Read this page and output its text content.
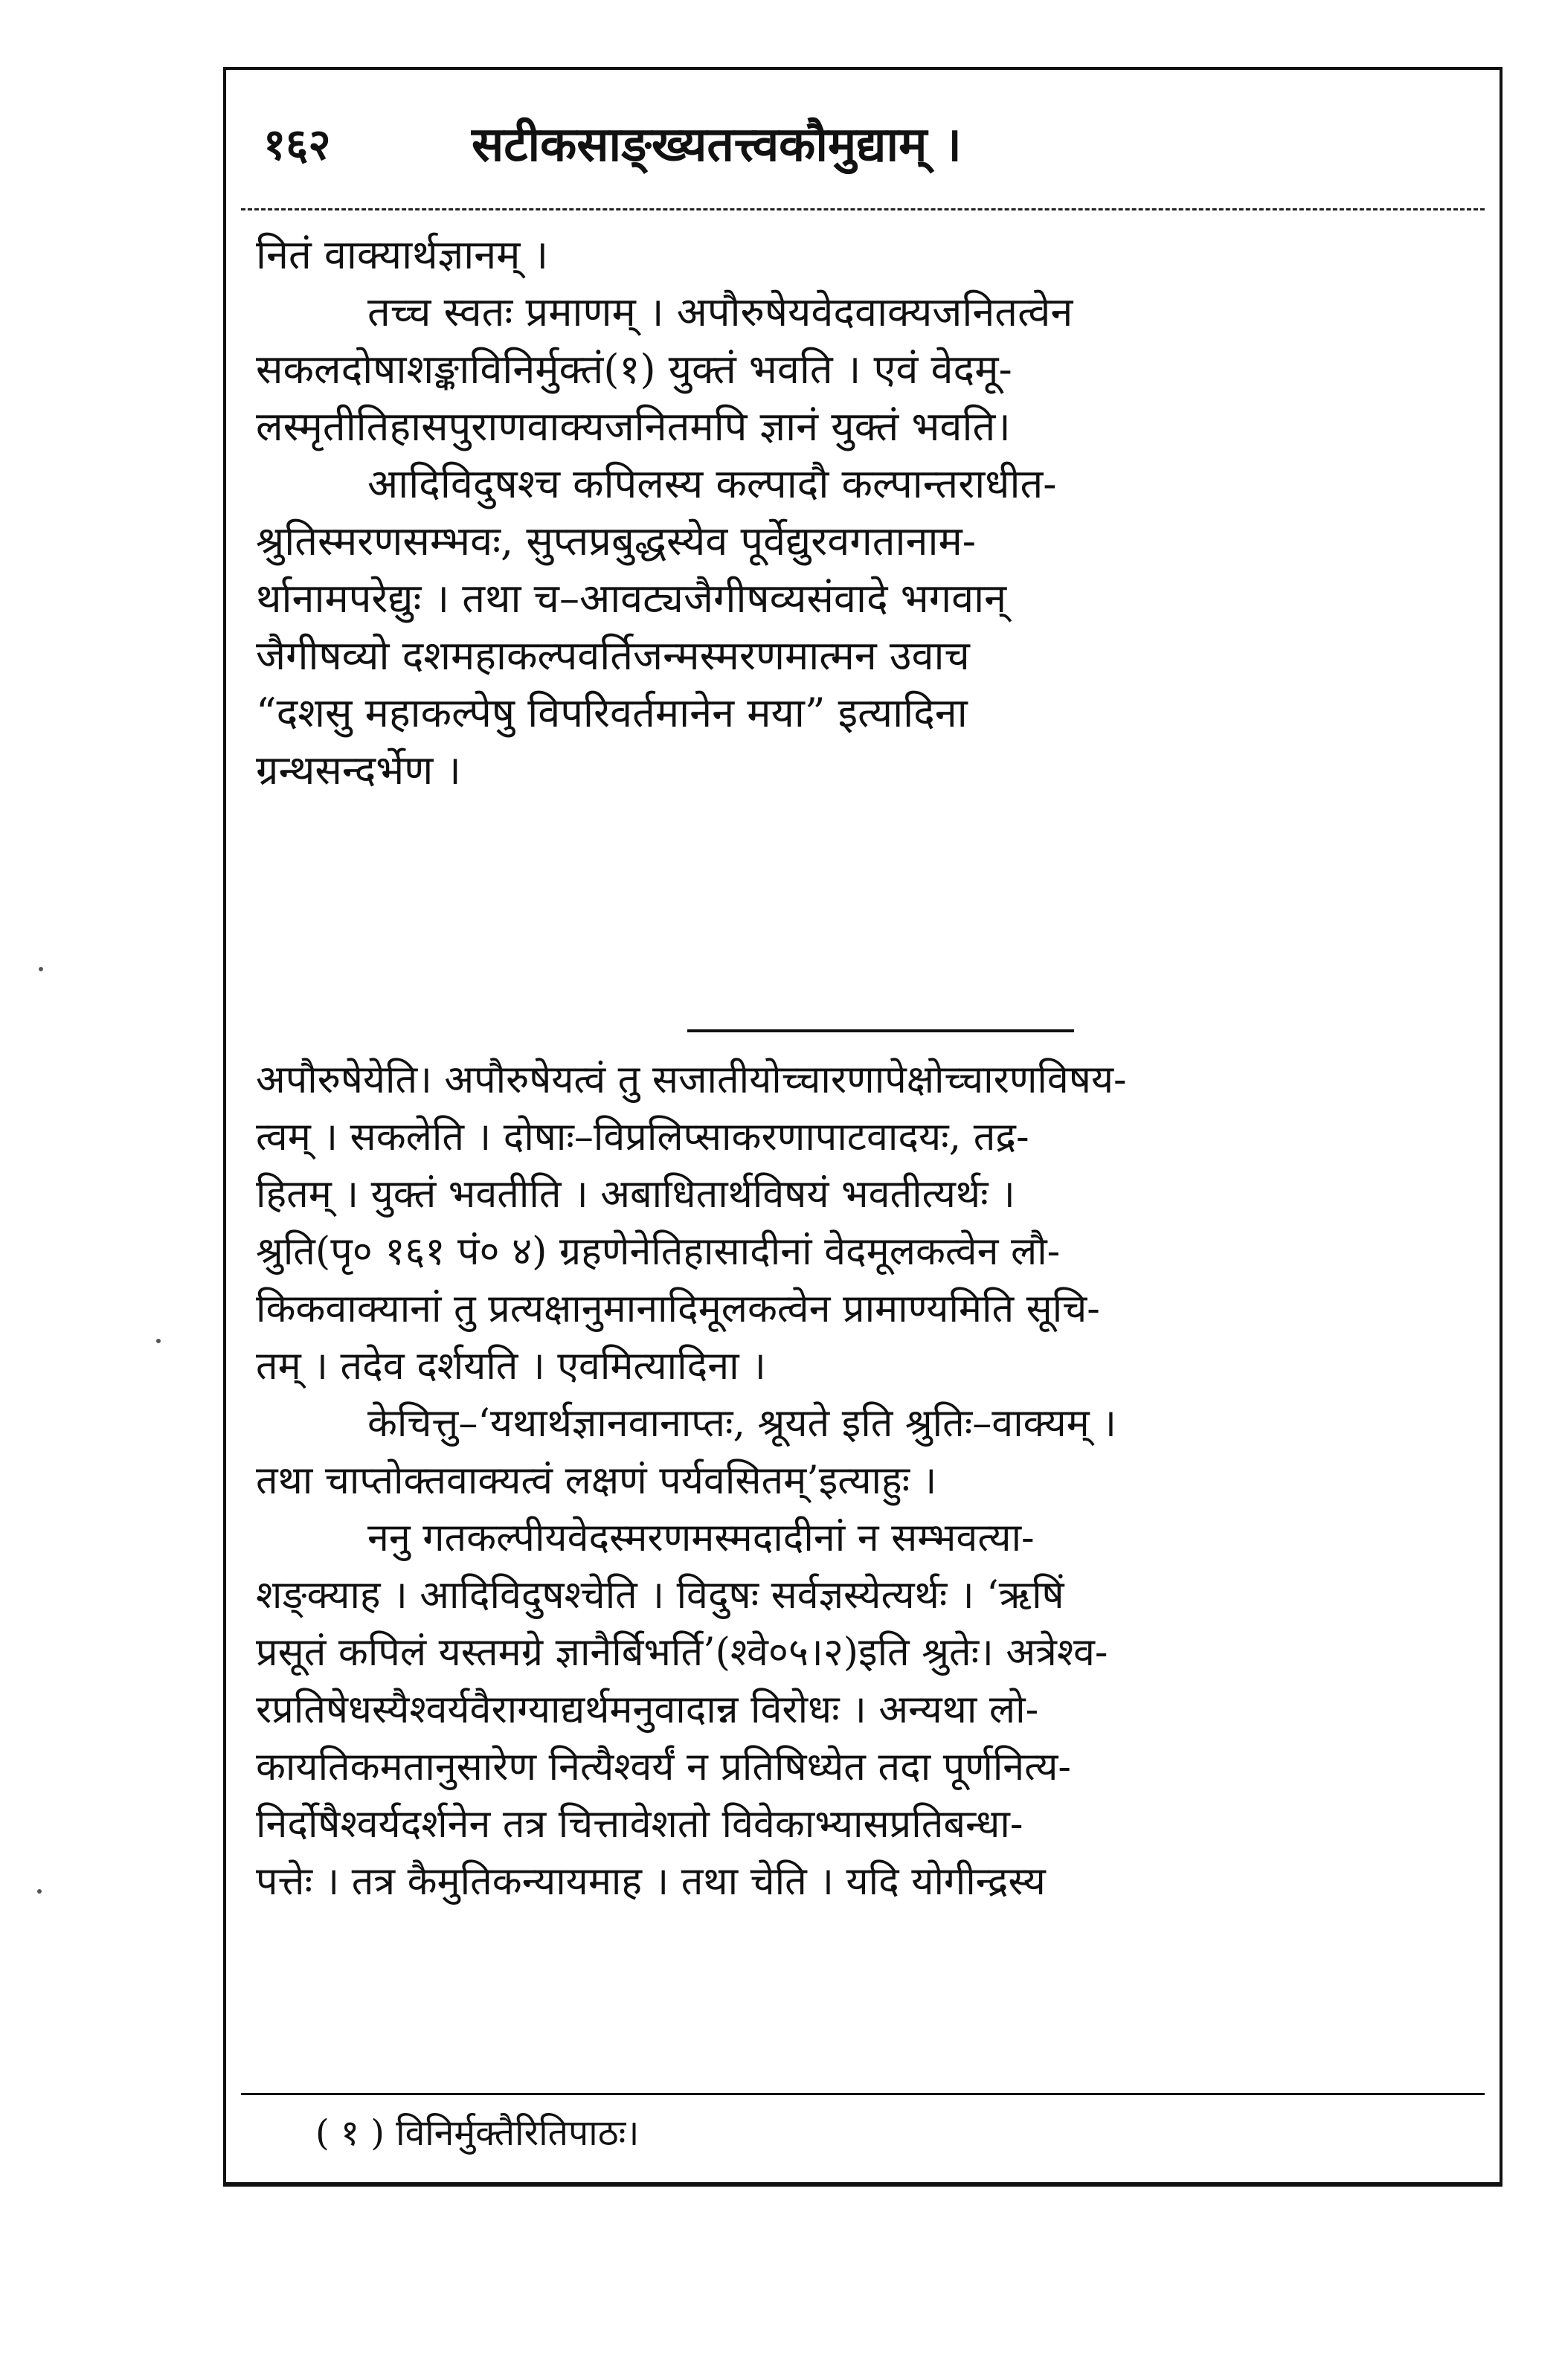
१६२	सटीकसाङ्ख्यतत्त्वकौमुद्याम् ।
नितं वाक्यार्थज्ञानम् ।
तच्च स्वतः प्रमाणम् । अपौरुषेयवेदवाक्यजनितत्वेन
सकलदोषाशङ्काविनिर्मुक्तं(१) युक्तं भवति । एवं वेदमू-
लस्मृतीतिहासपुराणवाक्यजनितमपि ज्ञानं युक्तं भवति।
आदिविदुषश्च कपिलस्य कल्पादौ कल्पान्तराधीत-
श्रुतिस्मरणसम्भवः, सुप्तप्रबुद्धस्येव पूर्वेद्युरवगतानाम-
र्थानामपरेद्युः । तथा च–आवट्यजैगीषव्यसंवादे भगवान्
जैगीषव्यो दशमहाकल्पवर्तिजन्मस्मरणमात्मन उवाच
“दशसु महाकल्पेषु विपरिवर्तमानेन मया” इत्यादिना
ग्रन्थसन्दर्भेण ।
अपौरुषेयेति। अपौरुषेयत्वं तु सजातीयोच्चारणापेक्षोच्चारणविषय-
त्वम् । सकलेति । दोषाः–विप्रलिप्साकरणापाटवादयः, तद्र-
हितम् । युक्तं भवतीति । अबाधितार्थविषयं भवतीत्यर्थः ।
श्रुति(पृ० १६१ पं० ४) ग्रहणेनेतिहासादीनां वेदमूलकत्वेन लौ-
किकवाक्यानां तु प्रत्यक्षानुमानादिमूलकत्वेन प्रामाण्यमिति सूचि-
तम् । तदेव दर्शयति । एवमित्यादिना ।
केचित्तु–‘यथार्थज्ञानवानाप्तः, श्रूयते इति श्रुतिः–वाक्यम् ।
तथा चाप्तोक्तवाक्यत्वं लक्षणं पर्यवसितम्’इत्याहुः ।
ननु गतकल्पीयवेदस्मरणमस्मदादीनां न सम्भवत्या-
शङ्क्याह । आदिविदुषश्चेति । विदुषः सर्वज्ञस्येत्यर्थः । ‘ऋषिं
प्रसूतं कपिलं यस्तमग्रे ज्ञानैर्बिभर्ति’(श्वे०५।२)इति श्रुतेः। अत्रेश्व-
रप्रतिषेधस्यैश्वर्यवैराग्याद्यर्थमनुवादान्न विरोधः । अन्यथा लो-
कायतिकमतानुसारेण नित्यैश्वर्यं न प्रतिषिध्येत तदा पूर्णनित्य-
निर्दोषैश्वर्यदर्शनेन तत्र चित्तावेशतो विवेकाभ्यासप्रतिबन्धा-
पत्तेः । तत्र कैमुतिकन्यायमाह । तथा चेति । यदि योगीन्द्रस्य
( १ ) विनिर्मुक्तैरितिपाठः।
